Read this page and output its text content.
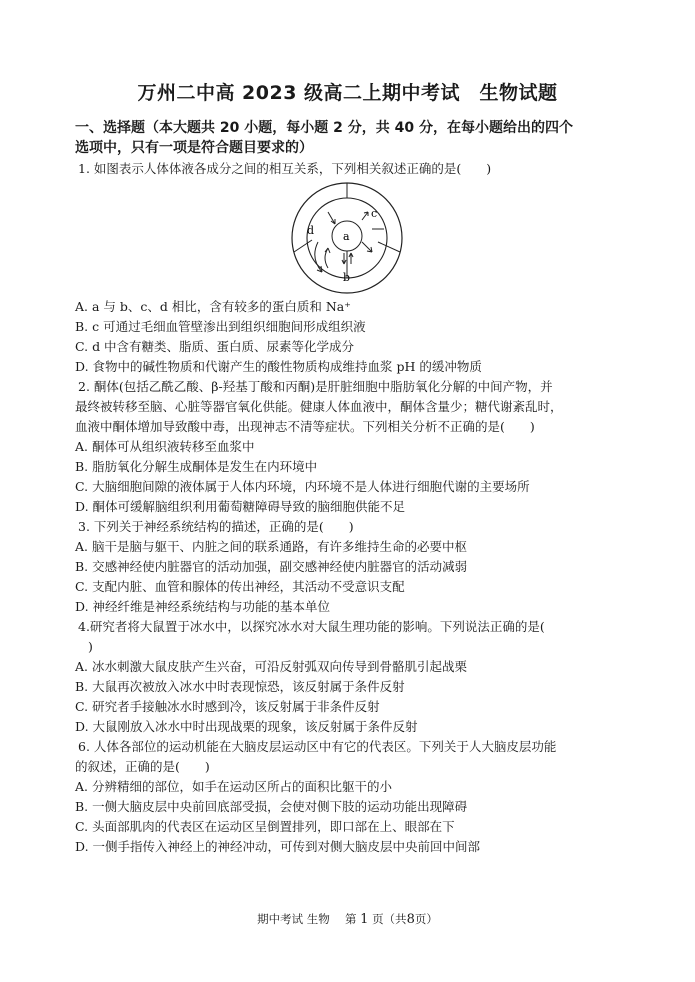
万州二中高 2023 级高二上期中考试　生物试题
一、选择题（本大题共 20 小题，每小题 2 分，共 40 分，在每小题给出的四个
选项中，只有一项是符合题目要求的）
1. 如图表示人体体液各成分之间的相互关系，下列相关叙述正确的是(　　)
a
b
c
d
A. a 与 b、c、d 相比，含有较多的蛋白质和 Na⁺
B. c 可通过毛细血管壁渗出到组织细胞间形成组织液
C. d 中含有糖类、脂质、蛋白质、尿素等化学成分
D. 食物中的碱性物质和代谢产生的酸性物质构成维持血浆 pH 的缓冲物质
2. 酮体(包括乙酰乙酸、β-羟基丁酸和丙酮)是肝脏细胞中脂肪氧化分解的中间产物，并
最终被转移至脑、心脏等器官氧化供能。健康人体血液中，酮体含量少；糖代谢紊乱时，
血液中酮体增加导致酸中毒，出现神志不清等症状。下列相关分析不正确的是(　　)
A. 酮体可从组织液转移至血浆中
B. 脂肪氧化分解生成酮体是发生在内环境中
C. 大脑细胞间隙的液体属于人体内环境，内环境不是人体进行细胞代谢的主要场所
D. 酮体可缓解脑组织利用葡萄糖障碍导致的脑细胞供能不足
3. 下列关于神经系统结构的描述，正确的是(　　)
A. 脑干是脑与躯干、内脏之间的联系通路，有许多维持生命的必要中枢
B. 交感神经使内脏器官的活动加强，副交感神经使内脏器官的活动减弱
C. 支配内脏、血管和腺体的传出神经，其活动不受意识支配
D. 神经纤维是神经系统结构与功能的基本单位
4.研究者将大鼠置于冰水中，以探究冰水对大鼠生理功能的影响。下列说法正确的是(
)
A. 冰水刺激大鼠皮肤产生兴奋，可沿反射弧双向传导到骨骼肌引起战栗
B. 大鼠再次被放入冰水中时表现惊恐，该反射属于条件反射
C. 研究者手接触冰水时感到冷，该反射属于非条件反射
D. 大鼠刚放入冰水中时出现战栗的现象，该反射属于条件反射
6. 人体各部位的运动机能在大脑皮层运动区中有它的代表区。下列关于人大脑皮层功能
的叙述，正确的是(　　)
A. 分辨精细的部位，如手在运动区所占的面积比躯干的小
B. 一侧大脑皮层中央前回底部受损，会使对侧下肢的运动功能出现障碍
C. 头面部肌肉的代表区在运动区呈倒置排列，即口部在上、眼部在下
D. 一侧手指传入神经上的神经冲动，可传到对侧大脑皮层中央前回中间部
期中考试 生物　 第 1 页（共8页）
